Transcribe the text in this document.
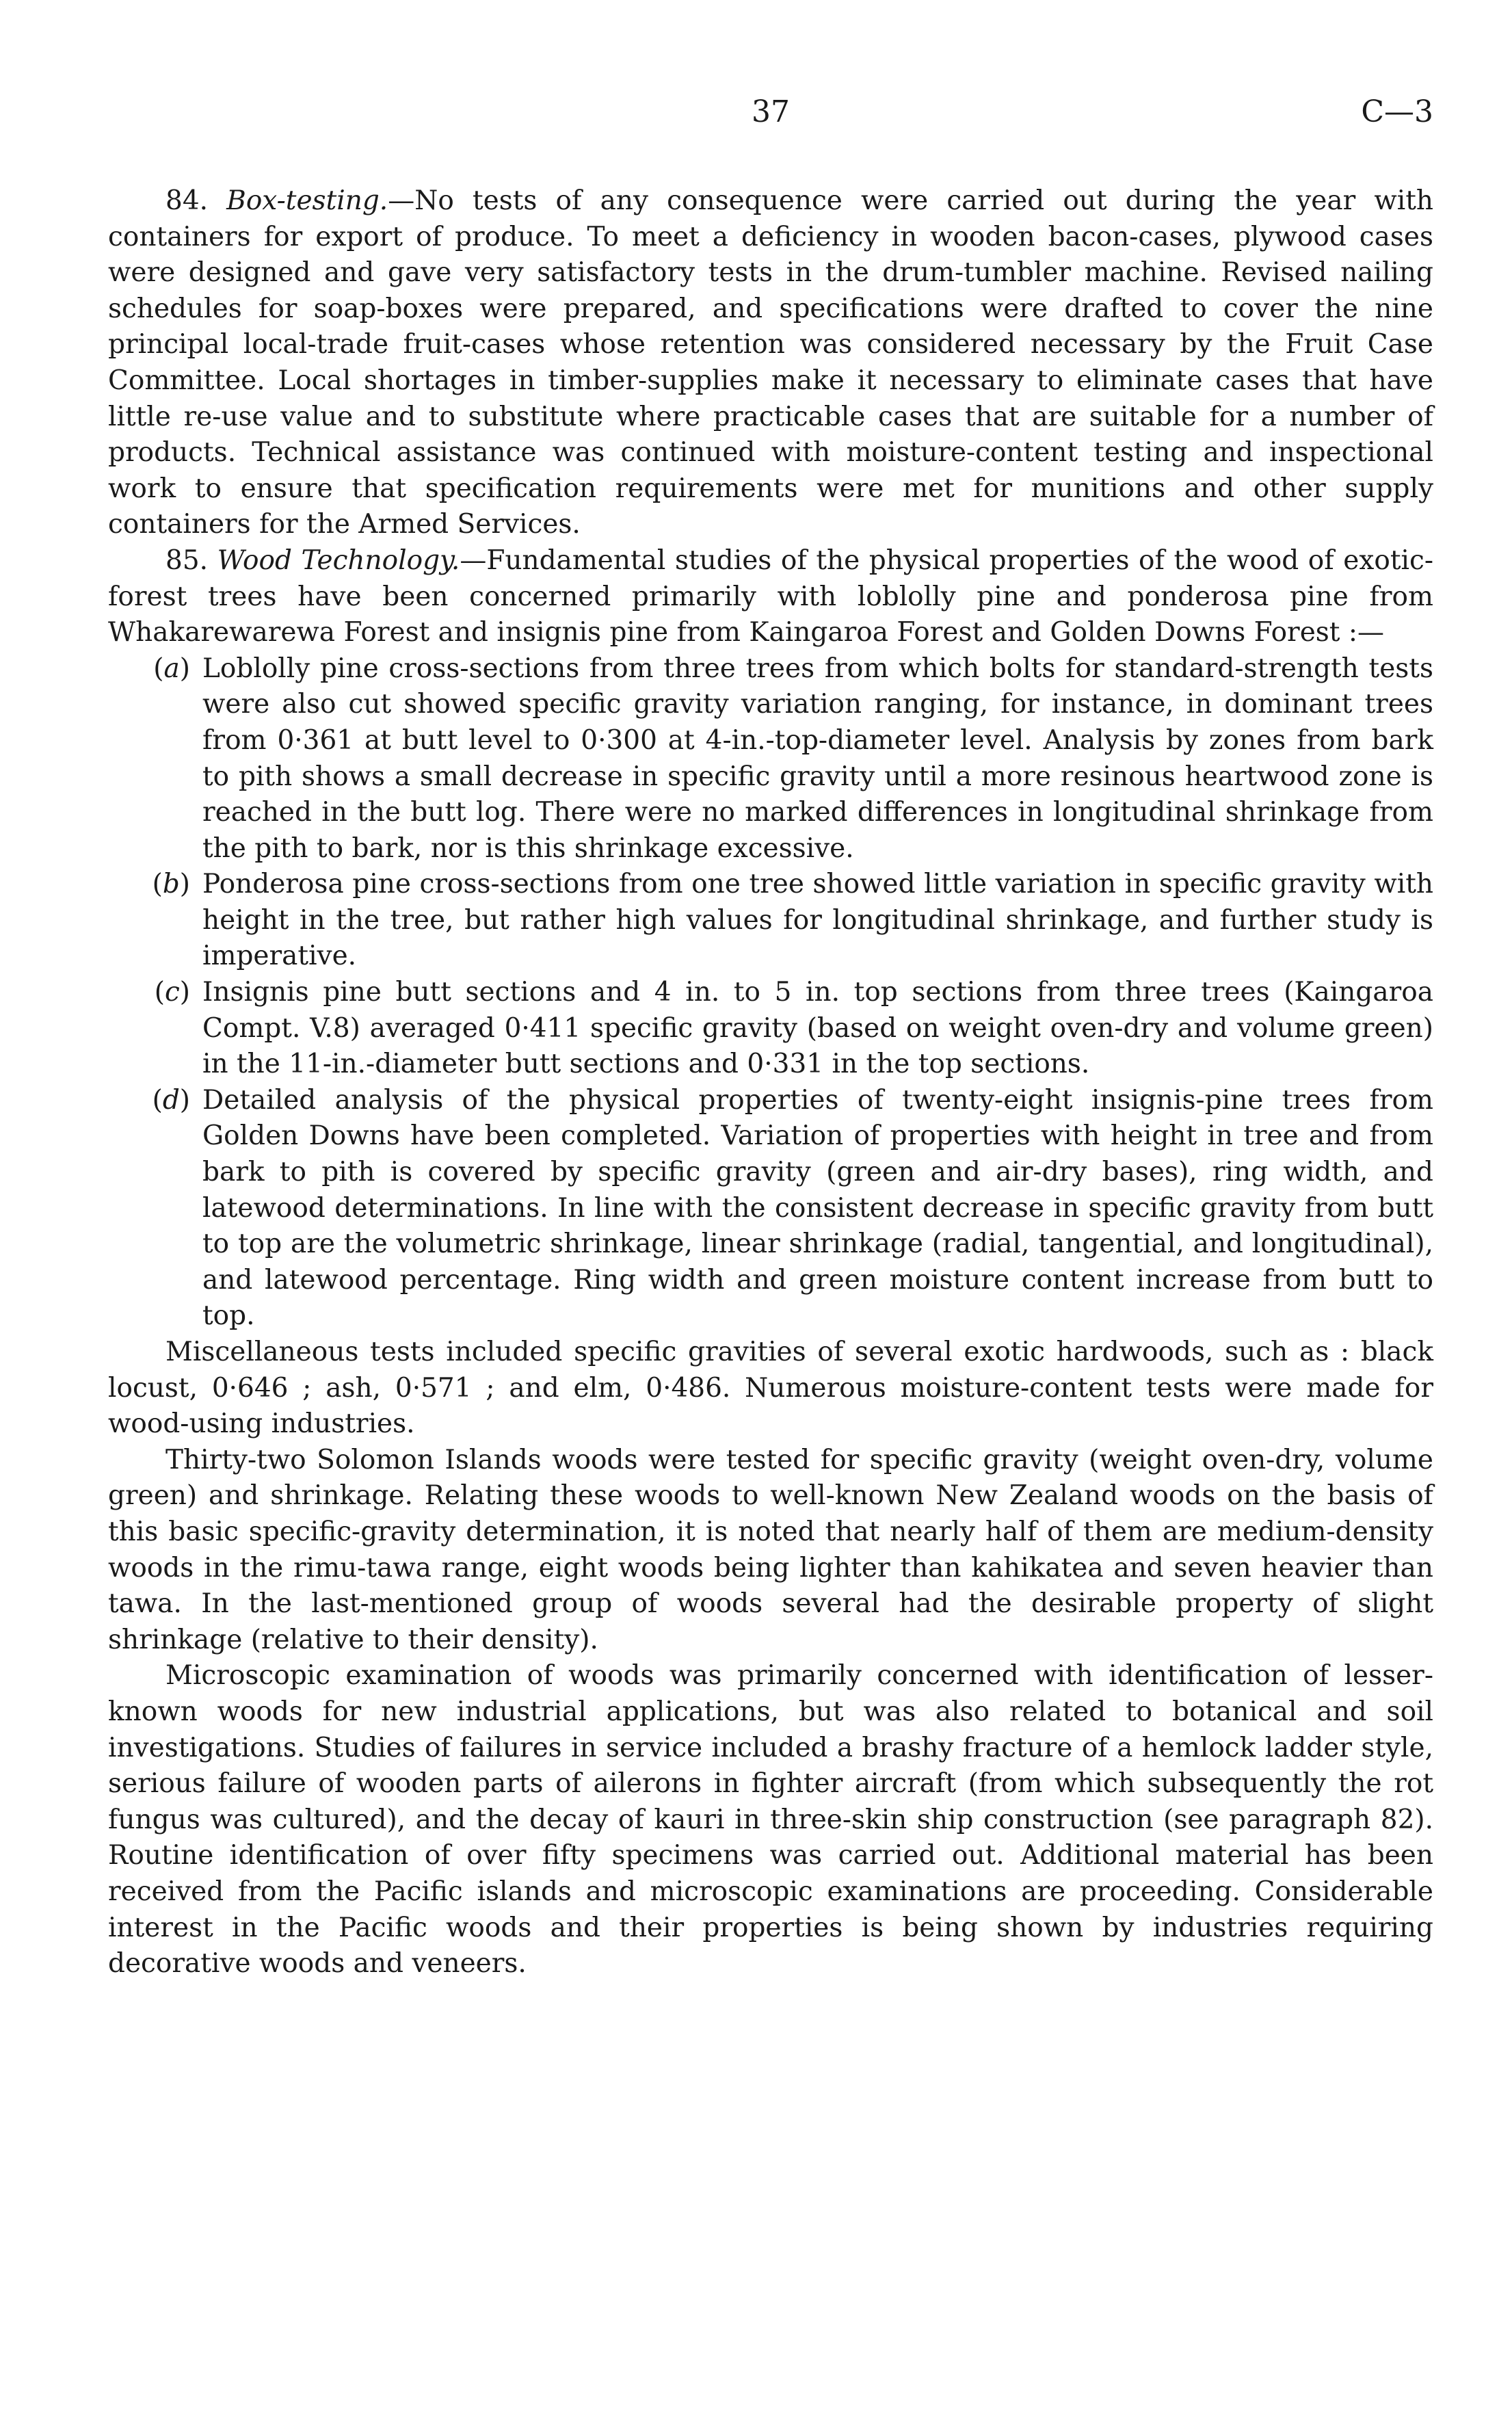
37	C—3

84. Box-testing.—No tests of any consequence were carried out during the year with containers for export of produce. To meet a deficiency in wooden bacon-cases, plywood cases were designed and gave very satisfactory tests in the drum-tumbler machine. Revised nailing schedules for soap-boxes were prepared, and specifications were drafted to cover the nine principal local-trade fruit-cases whose retention was considered necessary by the Fruit Case Committee. Local shortages in timber-supplies make it necessary to eliminate cases that have little re-use value and to substitute where practicable cases that are suitable for a number of products. Technical assistance was continued with moisture-content testing and inspectional work to ensure that specification requirements were met for munitions and other supply containers for the Armed Services.

85. Wood Technology.—Fundamental studies of the physical properties of the wood of exotic-forest trees have been concerned primarily with loblolly pine and ponderosa pine from Whakarewarewa Forest and insignis pine from Kaingaroa Forest and Golden Downs Forest :—

(a) Loblolly pine cross-sections from three trees from which bolts for standard-strength tests were also cut showed specific gravity variation ranging, for instance, in dominant trees from 0·361 at butt level to 0·300 at 4-in.-top-diameter level. Analysis by zones from bark to pith shows a small decrease in specific gravity until a more resinous heartwood zone is reached in the butt log. There were no marked differences in longitudinal shrinkage from the pith to bark, nor is this shrinkage excessive.
(b) Ponderosa pine cross-sections from one tree showed little variation in specific gravity with height in the tree, but rather high values for longitudinal shrinkage, and further study is imperative.
(c) Insignis pine butt sections and 4 in. to 5 in. top sections from three trees (Kaingaroa Compt. V.8) averaged 0·411 specific gravity (based on weight oven-dry and volume green) in the 11-in.-diameter butt sections and 0·331 in the top sections.
(d) Detailed analysis of the physical properties of twenty-eight insignis-pine trees from Golden Downs have been completed. Variation of properties with height in tree and from bark to pith is covered by specific gravity (green and air-dry bases), ring width, and latewood determinations. In line with the consistent decrease in specific gravity from butt to top are the volumetric shrinkage, linear shrinkage (radial, tangential, and longitudinal), and latewood percentage. Ring width and green moisture content increase from butt to top.

Miscellaneous tests included specific gravities of several exotic hardwoods, such as : black locust, 0·646 ; ash, 0·571 ; and elm, 0·486. Numerous moisture-content tests were made for wood-using industries.

Thirty-two Solomon Islands woods were tested for specific gravity (weight oven-dry, volume green) and shrinkage. Relating these woods to well-known New Zealand woods on the basis of this basic specific-gravity determination, it is noted that nearly half of them are medium-density woods in the rimu-tawa range, eight woods being lighter than kahikatea and seven heavier than tawa. In the last-mentioned group of woods several had the desirable property of slight shrinkage (relative to their density).

Microscopic examination of woods was primarily concerned with identification of lesser-known woods for new industrial applications, but was also related to botanical and soil investigations. Studies of failures in service included a brashy fracture of a hemlock ladder style, serious failure of wooden parts of ailerons in fighter aircraft (from which subsequently the rot fungus was cultured), and the decay of kauri in three-skin ship construction (see paragraph 82). Routine identification of over fifty specimens was carried out. Additional material has been received from the Pacific islands and microscopic examinations are proceeding. Considerable interest in the Pacific woods and their properties is being shown by industries requiring decorative woods and veneers.
